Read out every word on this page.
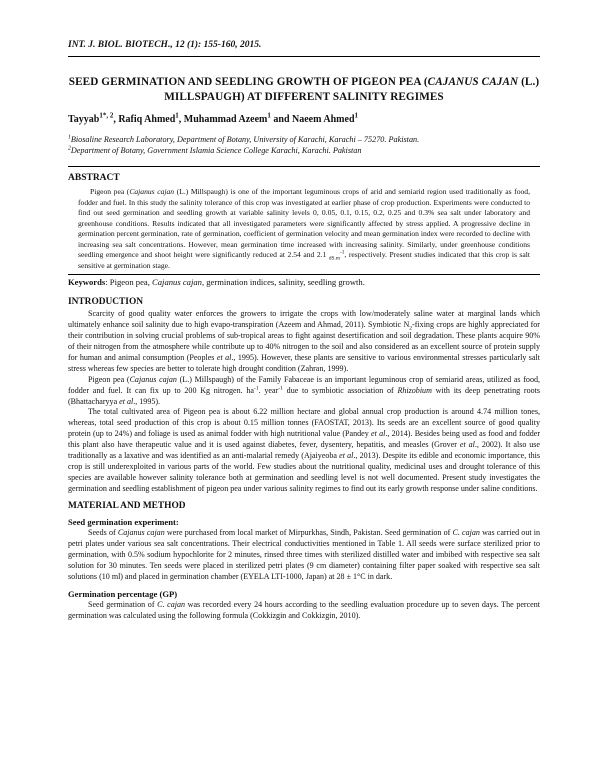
INT. J. BIOL. BIOTECH., 12 (1): 155-160, 2015.

SEED GERMINATION AND SEEDLING GROWTH OF PIGEON PEA (CAJANUS CAJAN (L.) MILLSPAUGH) AT DIFFERENT SALINITY REGIMES

Tayyab$^{1*, 2}$, Rafiq Ahmed$^1$, Muhammad Azeem$^1$ and Naeem Ahmed$^1$

$^1$Biosaline Research Laboratory, Department of Botany, University of Karachi, Karachi – 75270. Pakistan.

$^2$Department of Botany, Government Islamia Science College Karachi, Karachi. Pakistan

ABSTRACT

Pigeon pea (Cajanus cajan (L.) Millspaugh) is one of the important leguminous crops of arid and semiarid region used traditionally as food, fodder and fuel. In this study the salinity tolerance of this crop was investigated at earlier phase of crop production. Experiments were conducted to find out seed germination and seedling growth at variable salinity levels 0, 0.05, 0.1, 0.15, 0.2, 0.25 and 0.3% sea salt under laboratory and greenhouse conditions. Results indicated that all investigated parameters were significantly affected by stress applied. A progressive decline in germination percent germination, rate of germination, coefficient of germination velocity and mean germination index were recorded to decline with increasing sea salt concentrations. However, mean germination time increased with increasing salinity. Similarly, under greenhouse conditions seedling emergence and shoot height were significantly reduced at 2.54 and 2.1 $_{dS.m}^{-1}$, respectively. Present studies indicated that this crop is salt sensitive at germination stage.

Keywords: Pigeon pea, Cajanus cajan, germination indices, salinity, seedling growth.

INTRODUCTION

Scarcity of good quality water enforces the growers to irrigate the crops with low/moderately saline water at marginal lands which ultimately enhance soil salinity due to high evapo-transpiration (Azeem and Ahmad, 2011). Symbiotic $N_2$-fixing crops are highly appreciated for their contribution in solving crucial problems of sub-tropical areas to fight against desertification and soil degradation. These plants acquire 90% of their nitrogen from the atmosphere while contribute up to 40% nitrogen to the soil and also considered as an excellent source of protein supply for human and animal consumption (Peoples et al., 1995). However, these plants are sensitive to various environmental stresses particularly salt stress whereas few species are better to tolerate high drought condition (Zahran, 1999).

Pigeon pea (Cajanus cajan (L.) Millspaugh) of the Family Fabaceae is an important leguminous crop of semiarid areas, utilized as food, fodder and fuel. It can fix up to 200 Kg nitrogen. $ha^{-1}$. year$^{-1}$ due to symbiotic association of Rhizobium with its deep penetrating roots (Bhattacharyya et al., 1995).

The total cultivated area of Pigeon pea is about 6.22 million hectare and global annual crop production is around 4.74 million tones, whereas, total seed production of this crop is about 0.15 million tonnes (FAOSTAT, 2013). Its seeds are an excellent source of good quality protein (up to 24%) and foliage is used as animal fodder with high nutritional value (Pandey et al., 2014). Besides being used as food and fodder this plant also have therapeutic value and it is used against diabetes, fever, dysentery, hepatitis, and measles (Grover et al., 2002). It also use traditionally as a laxative and was identified as an anti-malarial remedy (Ajaiyeoba et al., 2013). Despite its edible and economic importance, this crop is still underexploited in various parts of the world. Few studies about the nutritional quality, medicinal uses and drought tolerance of this species are available however salinity tolerance both at germination and seedling level is not well documented. Present study investigates the germination and seedling establishment of pigeon pea under various salinity regimes to find out its early growth response under saline conditions.

MATERIAL AND METHOD

Seed germination experiment:

Seeds of Cajanus cajan were purchased from local market of Mirpurkhas, Sindh, Pakistan. Seed germination of C. cajan was carried out in petri plates under various sea salt concentrations. Their electrical conductivities mentioned in Table 1. All seeds were surface sterilized prior to germination, with 0.5% sodium hypochlorite for 2 minutes, rinsed three times with sterilized distilled water and imbibed with respective sea salt solution for 30 minutes. Ten seeds were placed in sterilized petri plates (9 cm diameter) containing filter paper soaked with respective sea salt solutions (10 ml) and placed in germination chamber (EYELA LTI-1000, Japan) at 28 ± 1°C in dark.

Germination percentage (GP)

Seed germination of C. cajan was recorded every 24 hours according to the seedling evaluation procedure up to seven days. The percent germination was calculated using the following formula (Cokkizgin and Cokkizgin, 2010).
